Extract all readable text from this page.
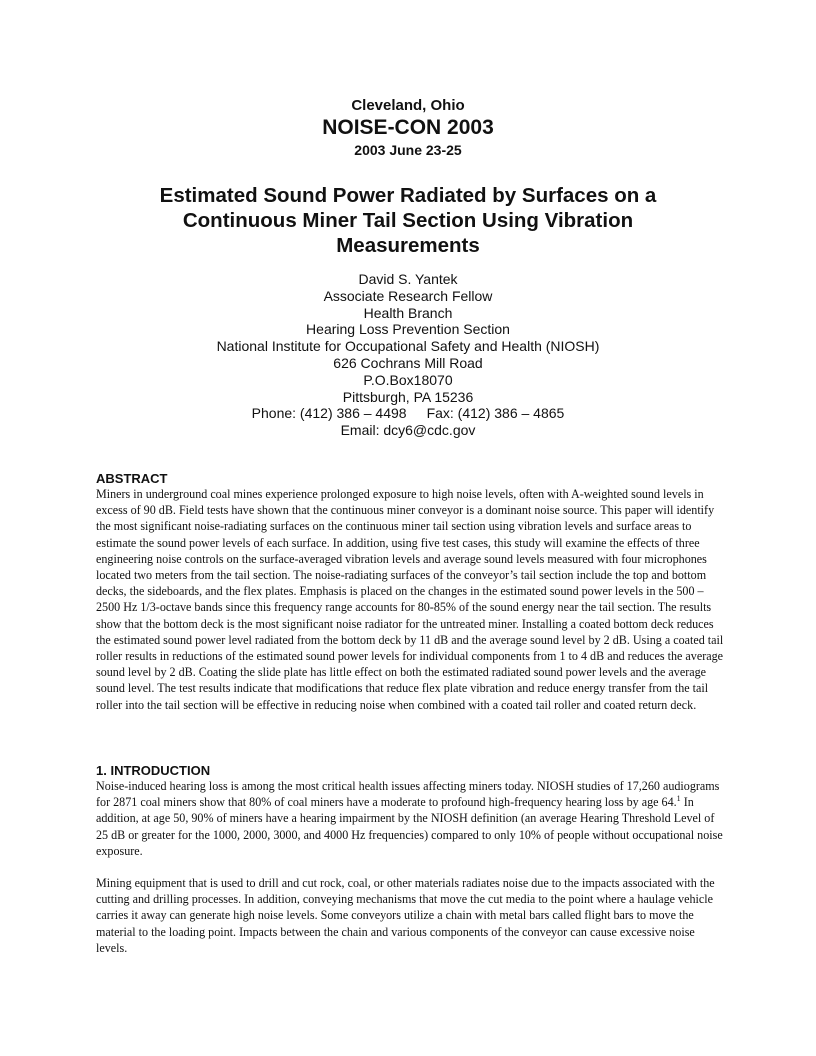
Cleveland, Ohio
NOISE-CON 2003
2003 June 23-25
Estimated Sound Power Radiated by Surfaces on a Continuous Miner Tail Section Using Vibration Measurements
David S. Yantek
Associate Research Fellow
Health Branch
Hearing Loss Prevention Section
National Institute for Occupational Safety and Health (NIOSH)
626 Cochrans Mill Road
P.O.Box18070
Pittsburgh, PA 15236
Phone: (412) 386 – 4498 Fax: (412) 386 – 4865
Email: dcy6@cdc.gov
ABSTRACT

Miners in underground coal mines experience prolonged exposure to high noise levels, often with A-weighted sound levels in excess of 90 dB. Field tests have shown that the continuous miner conveyor is a dominant noise source. This paper will identify the most significant noise-radiating surfaces on the continuous miner tail section using vibration levels and surface areas to estimate the sound power levels of each surface. In addition, using five test cases, this study will examine the effects of three engineering noise controls on the surface-averaged vibration levels and average sound levels measured with four microphones located two meters from the tail section. The noise-radiating surfaces of the conveyor’s tail section include the top and bottom decks, the sideboards, and the flex plates. Emphasis is placed on the changes in the estimated sound power levels in the 500 – 2500 Hz 1/3-octave bands since this frequency range accounts for 80-85% of the sound energy near the tail section. The results show that the bottom deck is the most significant noise radiator for the untreated miner. Installing a coated bottom deck reduces the estimated sound power level radiated from the bottom deck by 11 dB and the average sound level by 2 dB. Using a coated tail roller results in reductions of the estimated sound power levels for individual components from 1 to 4 dB and reduces the average sound level by 2 dB. Coating the slide plate has little effect on both the estimated radiated sound power levels and the average sound level. The test results indicate that modifications that reduce flex plate vibration and reduce energy transfer from the tail roller into the tail section will be effective in reducing noise when combined with a coated tail roller and coated return deck.

1. INTRODUCTION

Noise-induced hearing loss is among the most critical health issues affecting miners today. NIOSH studies of 17,260 audiograms for 2871 coal miners show that 80% of coal miners have a moderate to profound high-frequency hearing loss by age 64.$^1$ In addition, at age 50, 90% of miners have a hearing impairment by the NIOSH definition (an average Hearing Threshold Level of 25 dB or greater for the 1000, 2000, 3000, and 4000 Hz frequencies) compared to only 10% of people without occupational noise exposure.

Mining equipment that is used to drill and cut rock, coal, or other materials radiates noise due to the impacts associated with the cutting and drilling processes. In addition, conveying mechanisms that move the cut media to the point where a haulage vehicle carries it away can generate high noise levels. Some conveyors utilize a chain with metal bars called flight bars to move the material to the loading point. Impacts between the chain and various components of the conveyor can cause excessive noise levels.
